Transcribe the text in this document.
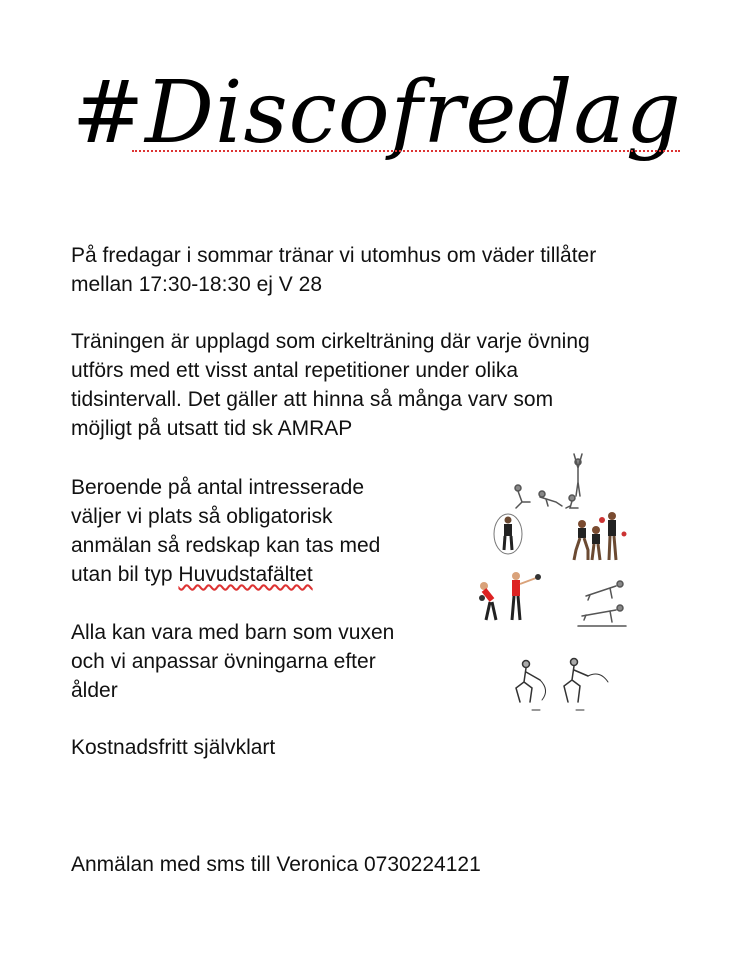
#Discofredag

På fredagar i sommar tränar vi utomhus om väder tillåter
mellan 17:30-18:30 ej V 28

Träningen är upplagd som cirkelträning där varje övning
utförs med ett visst antal repetitioner under olika
tidsintervall. Det gäller att hinna så många varv som
möjligt på utsatt tid sk AMRAP

Beroende på antal intresserade
väljer vi plats så obligatorisk
anmälan så redskap kan tas med
utan bil typ Huvudstafältet

Alla kan vara med barn som vuxen
och vi anpassar övningarna efter
ålder

Kostnadsfritt självklart

Anmälan med sms till Veronica 0730224121
